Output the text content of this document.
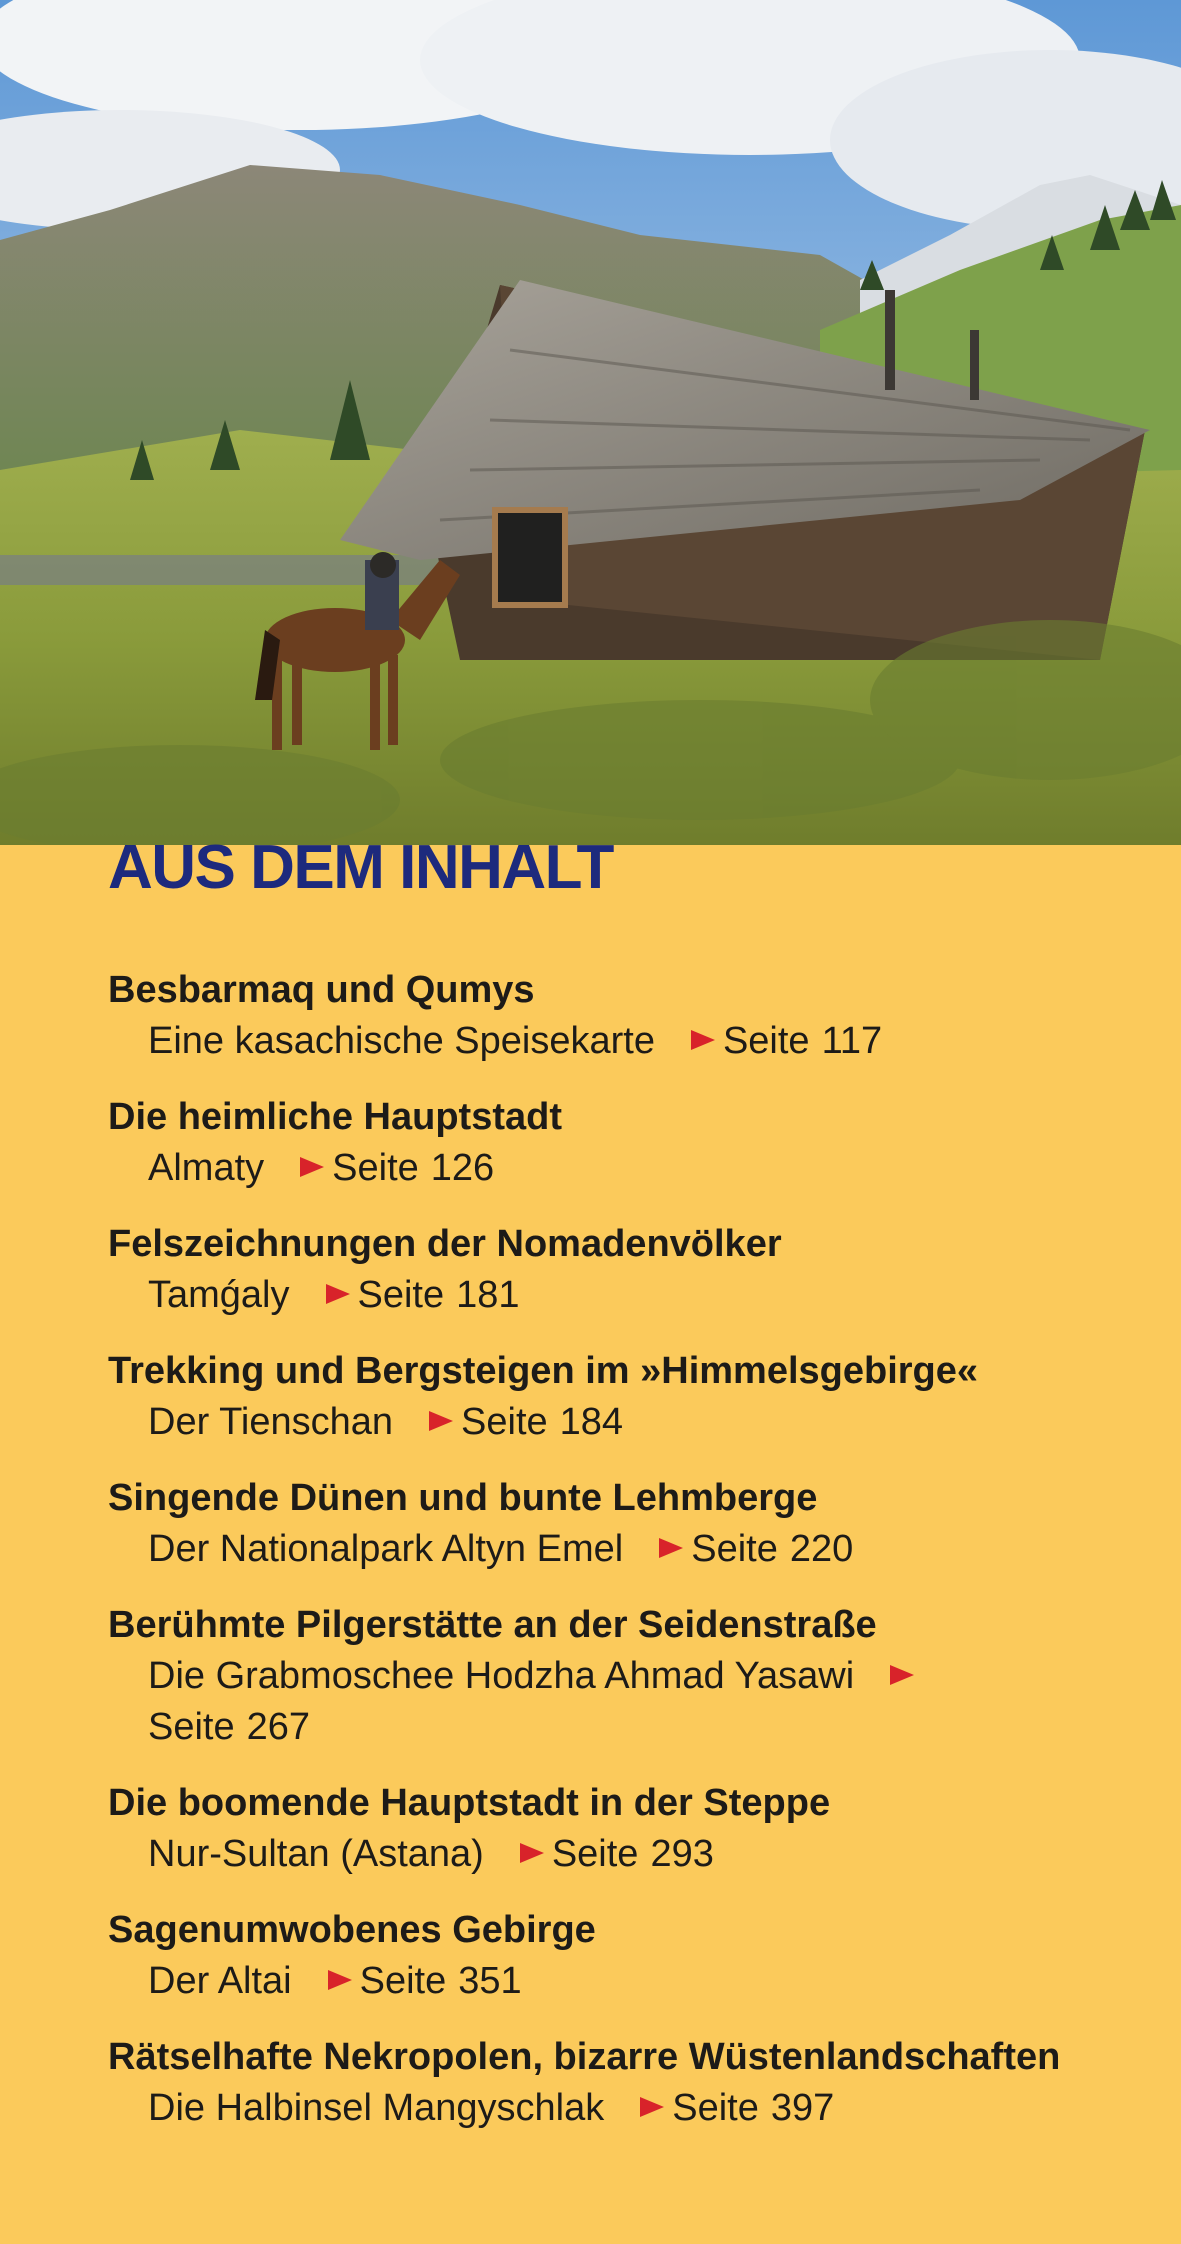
AUS DEM INHALT
Besbarmaq und Qumys
Eine kasachische Speisekarte Seite 117
Die heimliche Hauptstadt
Almaty Seite 126
Felszeichnungen der Nomadenvölker
Tamǵaly Seite 181
Trekking und Bergsteigen im »Himmelsgebirge«
Der Tienschan Seite 184
Singende Dünen und bunte Lehmberge
Der Nationalpark Altyn Emel Seite 220
Berühmte Pilgerstätte an der Seidenstraße
Die Grabmoschee Hodzha Ahmad YasawiSeite 267
Die boomende Hauptstadt in der Steppe
Nur-Sultan (Astana) Seite 293
Sagenumwobenes Gebirge
Der Altai Seite 351
Rätselhafte Nekropolen, bizarre Wüstenlandschaften
Die Halbinsel Mangyschlak Seite 397
